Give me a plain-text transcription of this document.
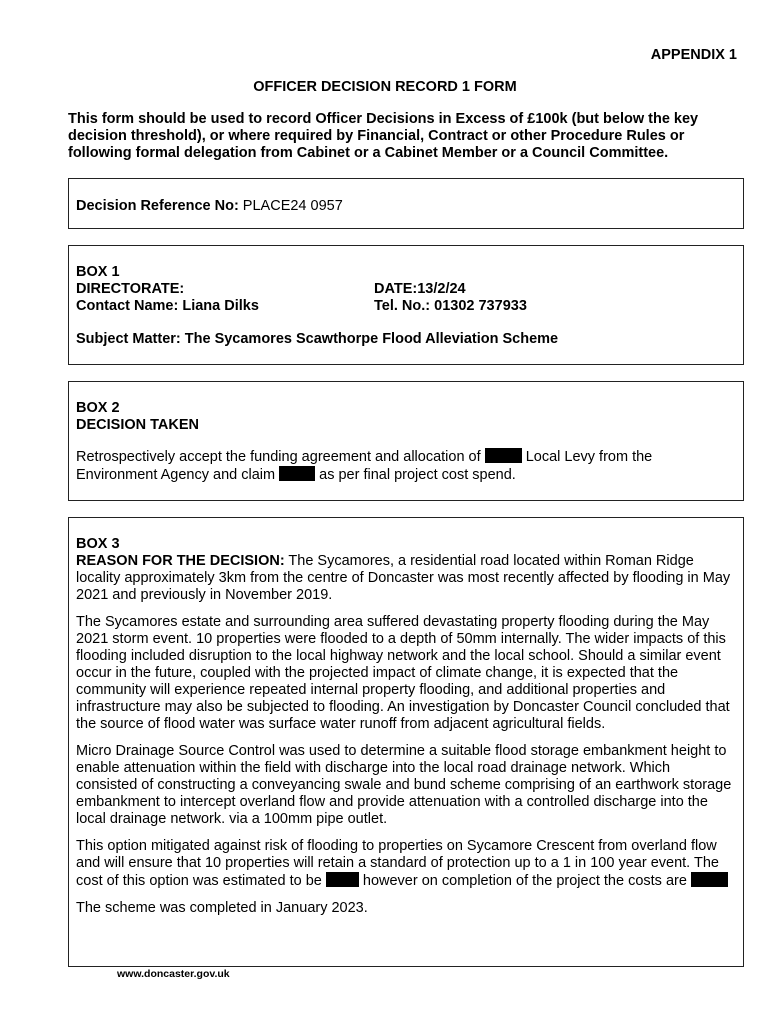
APPENDIX 1
OFFICER DECISION RECORD 1 FORM
This form should be used to record Officer Decisions in Excess of £100k (but below the key decision threshold), or where required by Financial, Contract or other Procedure Rules or following formal delegation from Cabinet or a Cabinet Member or a Council Committee.
Decision Reference No: PLACE24 0957
BOX 1
DIRECTORATE:	DATE:13/2/24
Contact Name: Liana Dilks	Tel. No.: 01302 737933
Subject Matter: The Sycamores Scawthorpe Flood Alleviation Scheme
BOX 2
DECISION TAKEN
Retrospectively accept the funding agreement and allocation of	Local Levy from the Environment Agency and claim  as per final project cost spend.
BOX 3

REASON FOR THE DECISION: The Sycamores, a residential road located within Roman Ridge locality approximately 3km from the centre of Doncaster was most recently affected by flooding in May 2021 and previously in November 2019.

The Sycamores estate and surrounding area suffered devastating property flooding during the May 2021 storm event. 10 properties were flooded to a depth of 50mm internally. The wider impacts of this flooding included disruption to the local highway network and the local school. Should a similar event occur in the future, coupled with the projected impact of climate change, it is expected that the community will experience repeated internal property flooding, and additional properties and infrastructure may also be subjected to flooding. An investigation by Doncaster Council concluded that the source of flood water was surface water runoff from adjacent agricultural fields.

Micro Drainage Source Control was used to determine a suitable flood storage embankment height to enable attenuation within the field with discharge into the local road drainage network. Which consisted of constructing a conveyancing swale and bund scheme comprising of an earthwork storage embankment to intercept overland flow and provide attenuation with a controlled discharge into the local drainage network. via a 100mm pipe outlet.

This option mitigated against risk of flooding to properties on Sycamore Crescent from overland flow and will ensure that 10 properties will retain a standard of protection up to a 1 in 100 year event. The cost of this option was estimated to be  however on completion of the project the costs are

The scheme was completed in January 2023.

www.doncaster.gov.uk
